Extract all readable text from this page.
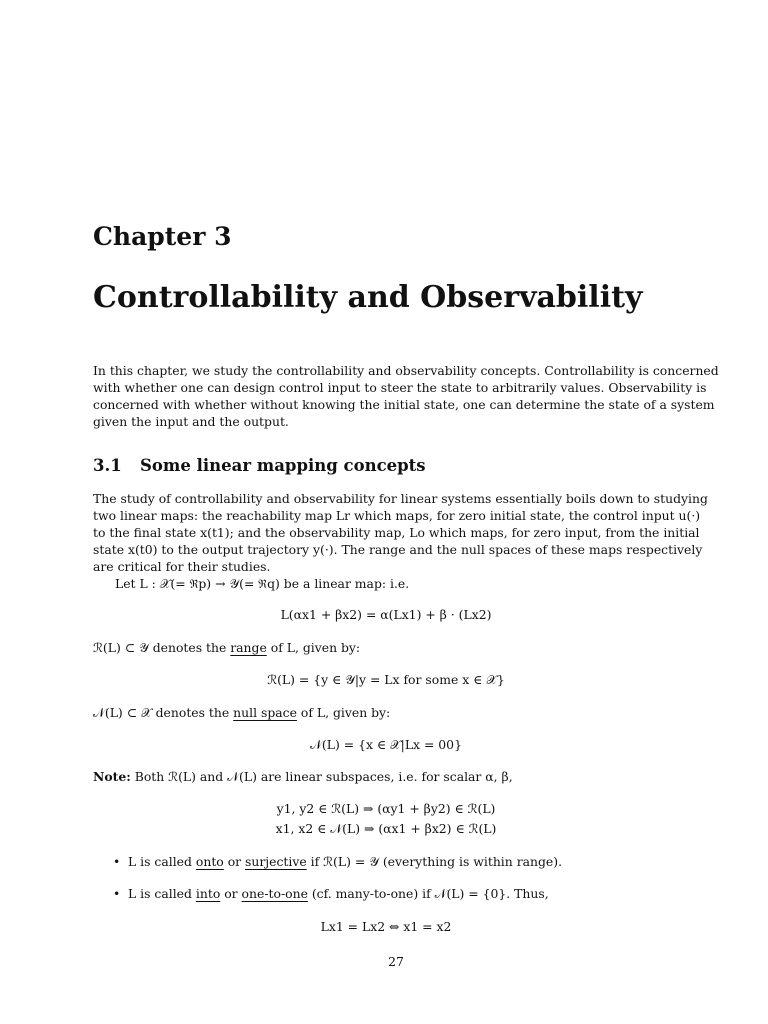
Chapter 3
Controllability and Observability
In this chapter, we study the controllability and observability concepts. Controllability is concerned
with whether one can design control input to steer the state to arbitrarily values. Observability is
concerned with whether without knowing the initial state, one can determine the state of a system
given the input and the output.
3.1 Some linear mapping concepts
The study of controllability and observability for linear systems essentially boils down to studying
two linear maps: the reachability map Lr which maps, for zero initial state, the control input u(·)
to the final state x(t1); and the observability map, Lo which maps, for zero input, from the initial
state x(t0) to the output trajectory y(·). The range and the null spaces of these maps respectively
are critical for their studies.
Let L : 𝒳(= ℜp) → 𝒴(= ℜq) be a linear map: i.e.
L(αx1 + βx2) = α(Lx1) + β · (Lx2)
ℛ(L) ⊂ 𝒴 denotes the range of L, given by:
ℛ(L) = {y ∈ 𝒴|y = Lx for some x ∈ 𝒳}
𝒩(L) ⊂ 𝒳 denotes the null space of L, given by:
𝒩(L) = {x ∈ 𝒳|Lx = 00}
Note: Both ℛ(L) and 𝒩(L) are linear subspaces, i.e. for scalar α, β,
y1, y2 ∈ ℛ(L) ⇒ (αy1 + βy2) ∈ ℛ(L)
x1, x2 ∈ 𝒩(L) ⇒ (αx1 + βx2) ∈ ℛ(L)
• L is called onto or surjective if ℛ(L) = 𝒴 (everything is within range).
• L is called into or one-to-one (cf. many-to-one) if 𝒩(L) = {0}. Thus,
Lx1 = Lx2 ⇔ x1 = x2
27
